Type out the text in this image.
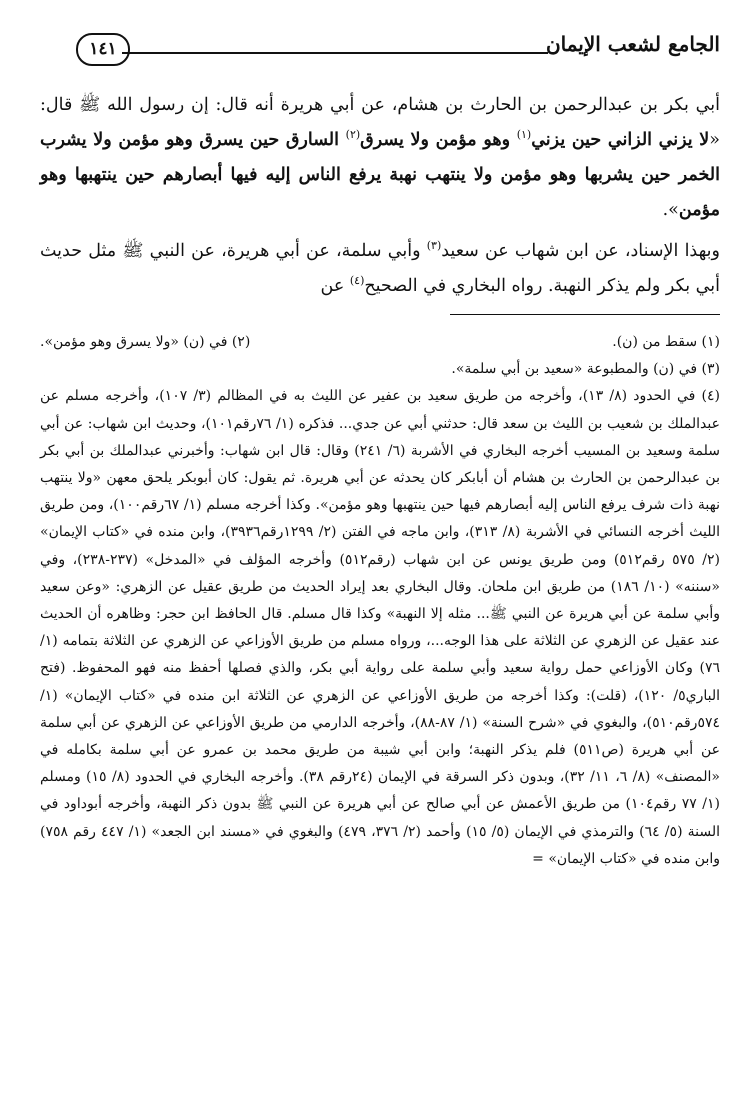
الجامع لشعب الإيمان
١٤١

أبي بكر بن عبدالرحمن بن الحارث بن هشام، عن أبي هريرة أنه قال: إن رسول الله ﷺ قال: «لا يزني الزاني حين يزني$^{(١)}$ وهو مؤمن ولا يسرق$^{(٢)}$ السارق حين يسرق وهو مؤمن ولا يشرب الخمر حين يشربها وهو مؤمن ولا ينتهب نهبة يرفع الناس إليه فيها أبصارهم حين ينتهبها وهو مؤمن».

وبهذا الإسناد، عن ابن شهاب عن سعيد$^{(٣)}$ وأبي سلمة، عن أبي هريرة، عن النبي ﷺ مثل حديث أبي بكر ولم يذكر النهبة. رواه البخاري في الصحيح$^{(٤)}$ عن

(١) سقط من (ن).
(٢) في (ن) «ولا يسرق وهو مؤمن».

(٣) في (ن) والمطبوعة «سعيد بن أبي سلمة».

(٤) في الحدود (٨/ ١٣)، وأخرجه من طريق سعيد بن عفير عن الليث به في المظالم (٣/ ١٠٧)، وأخرجه مسلم عن عبدالملك بن شعيب بن الليث بن سعد قال: حدثني أبي عن جدي... فذكره (١/ ٧٦رقم١٠١)، وحديث ابن شهاب: عن أبي سلمة وسعيد بن المسيب أخرجه البخاري في الأشربة (٦/ ٢٤١) وقال: قال ابن شهاب: وأخبرني عبدالملك بن أبي بكر بن عبدالرحمن بن الحارث بن هشام أن أبابكر كان يحدثه عن أبي هريرة. ثم يقول: كان أبوبكر يلحق معهن «ولا ينتهب نهبة ذات شرف يرفع الناس إليه أبصارهم فيها حين ينتهبها وهو مؤمن». وكذا أخرجه مسلم (١/ ٦٧رقم١٠٠)، ومن طريق الليث أخرجه النسائي في الأشربة (٨/ ٣١٣)، وابن ماجه في الفتن (٢/ ١٢٩٩رقم٣٩٣٦)، وابن منده في «كتاب الإيمان» (٢/ ٥٧٥ رقم٥١٢) ومن طريق يونس عن ابن شهاب (رقم٥١٢) وأخرجه المؤلف في «المدخل» (٢٣٧-٢٣٨)، وفي «سننه» (١٠/ ١٨٦) من طريق ابن ملحان. وقال البخاري بعد إيراد الحديث من طريق عقيل عن الزهري: «وعن سعيد وأبي سلمة عن أبي هريرة عن النبي ﷺ... مثله إلا النهبة» وكذا قال مسلم. قال الحافظ ابن حجر: وظاهره أن الحديث عند عقيل عن الزهري عن الثلاثة على هذا الوجه...، ورواه مسلم من طريق الأوزاعي عن الزهري عن الثلاثة بتمامه (١/ ٧٦) وكان الأوزاعي حمل رواية سعيد وأبي سلمة على رواية أبي بكر، والذي فصلها أحفظ منه فهو المحفوظ. (فتح الباري٥/ ١٢٠)، (قلت): وكذا أخرجه من طريق الأوزاعي عن الزهري عن الثلاثة ابن منده في «كتاب الإيمان» (١/ ٥٧٤رقم٥١٠)، والبغوي في «شرح السنة» (١/ ٨٧-٨٨)، وأخرجه الدارمي من طريق الأوزاعي عن الزهري عن أبي سلمة عن أبي هريرة (ص٥١١) فلم يذكر النهبة؛ وابن أبي شيبة من طريق محمد بن عمرو عن أبي سلمة بكامله في «المصنف» (٨/ ٦، ١١/ ٣٢)، وبدون ذكر السرقة في الإيمان (٢٤رقم ٣٨). وأخرجه البخاري في الحدود (٨/ ١٥) ومسلم (١/ ٧٧ رقم١٠٤) من طريق الأعمش عن أبي صالح عن أبي هريرة عن النبي ﷺ بدون ذكر النهبة، وأخرجه أبوداود في السنة (٥/ ٦٤) والترمذي في الإيمان (٥/ ١٥) وأحمد (٢/ ٣٧٦، ٤٧٩) والبغوي في «مسند ابن الجعد» (١/ ٤٤٧ رقم ٧٥٨) وابن منده في «كتاب الإيمان» =
